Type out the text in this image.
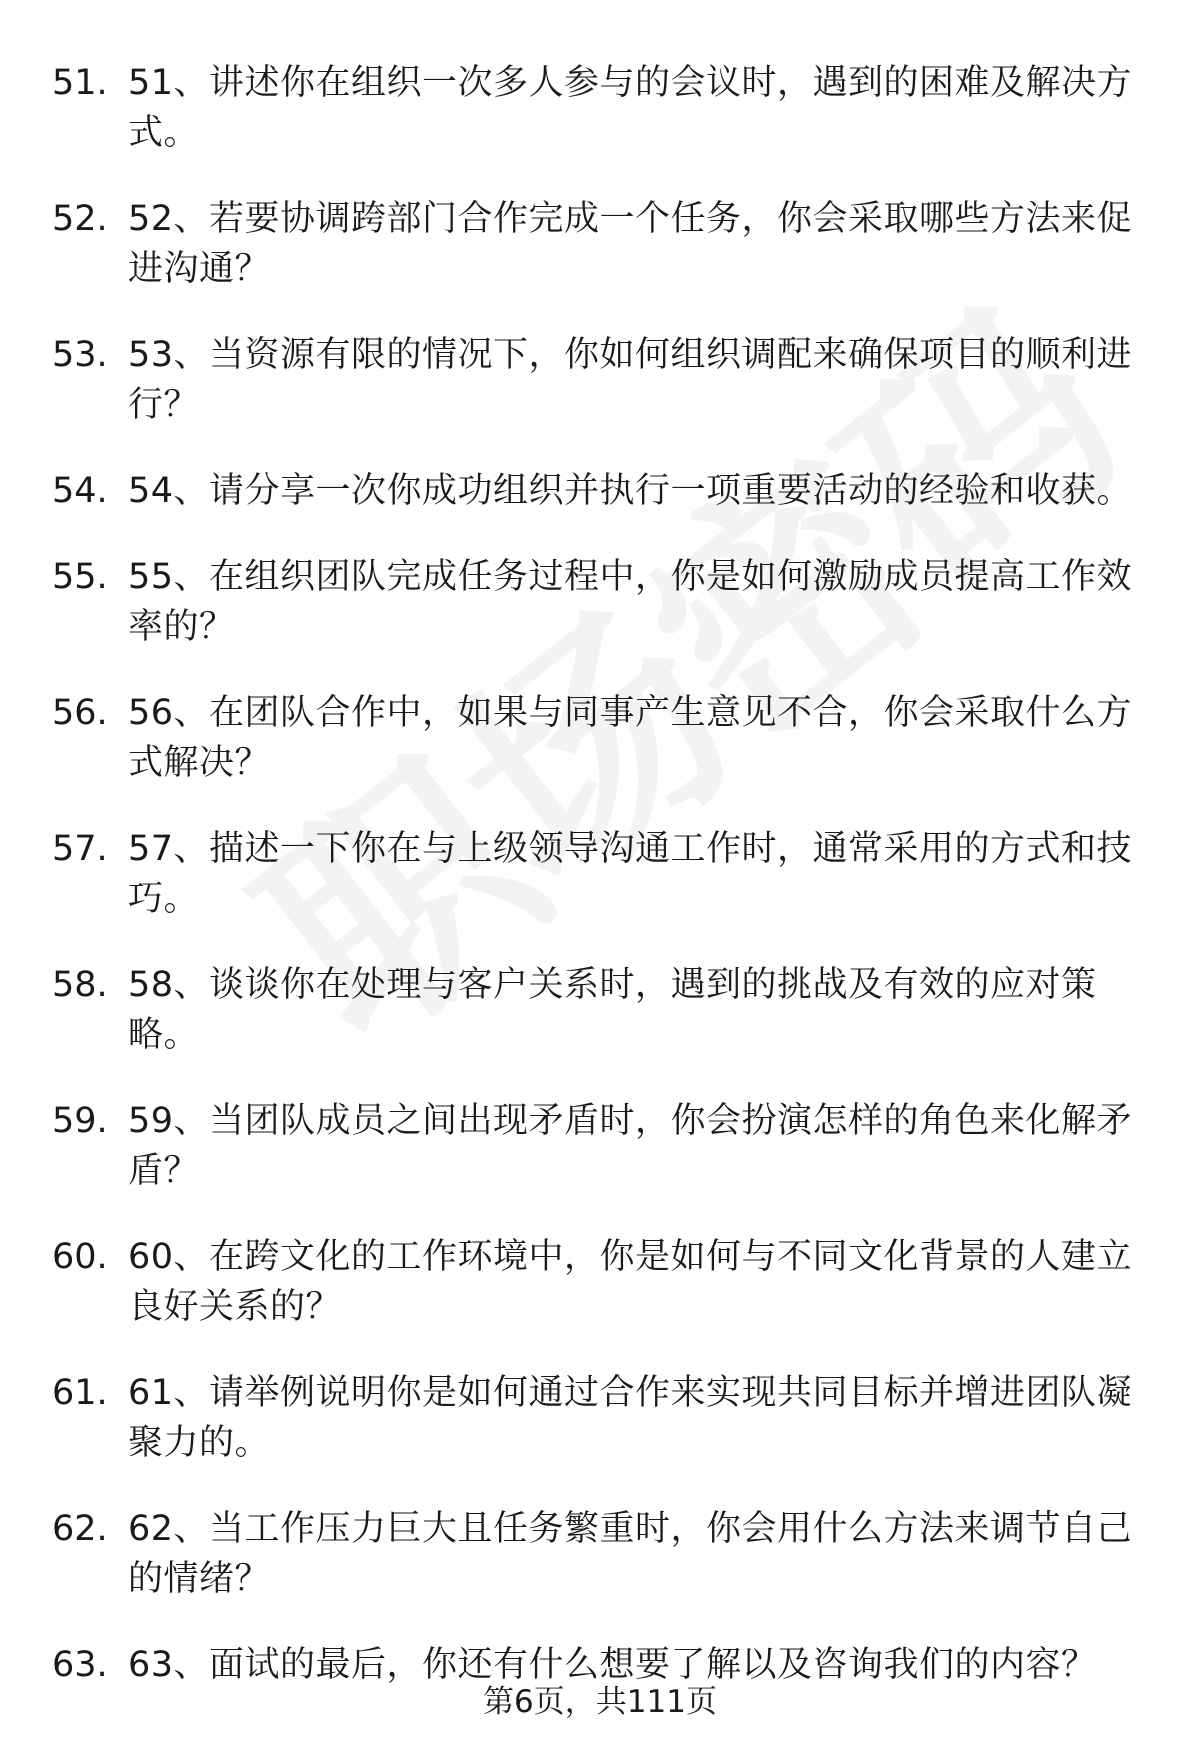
51. 51、讲述你在组织一次多人参与的会议时，遇到的困难及解决方式。
52. 52、若要协调跨部门合作完成一个任务，你会采取哪些方法来促进沟通？
53. 53、当资源有限的情况下，你如何组织调配来确保项目的顺利进行？
54. 54、请分享一次你成功组织并执行一项重要活动的经验和收获。
55. 55、在组织团队完成任务过程中，你是如何激励成员提高工作效率的？
56. 56、在团队合作中，如果与同事产生意见不合，你会采取什么方式解决？
57. 57、描述一下你在与上级领导沟通工作时，通常采用的方式和技巧。
58. 58、谈谈你在处理与客户关系时，遇到的挑战及有效的应对策略。
59. 59、当团队成员之间出现矛盾时，你会扮演怎样的角色来化解矛盾？
60. 60、在跨文化的工作环境中，你是如何与不同文化背景的人建立良好关系的？
61. 61、请举例说明你是如何通过合作来实现共同目标并增进团队凝聚力的。
62. 62、当工作压力巨大且任务繁重时，你会用什么方法来调节自己的情绪？
63. 63、面试的最后，你还有什么想要了解以及咨询我们的内容？
第6页，共111页
